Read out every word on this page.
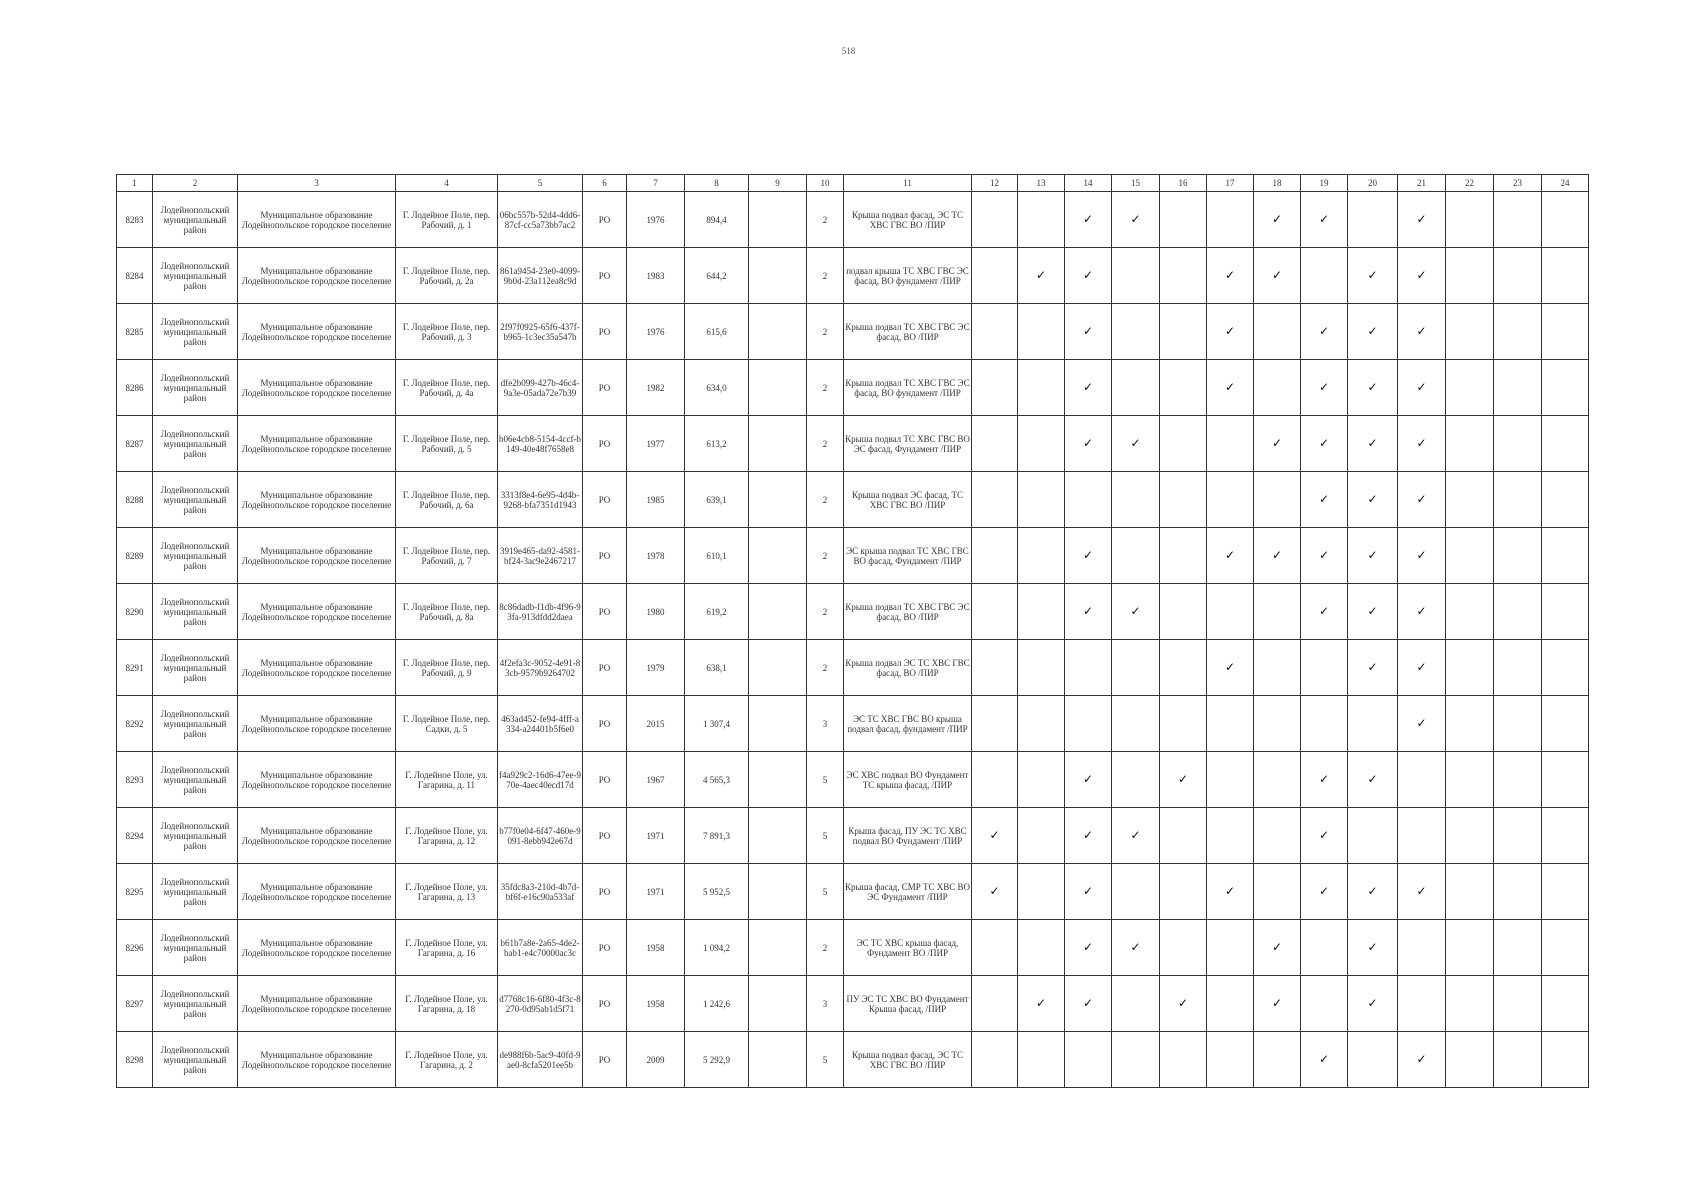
518
1	2	3	4	5	6	7	8	9	10	11	12	13	14	15	16	17	18	19	20	21	22	23	24
8283	Лодейнопольский муниципальный район	Муниципальное образование Лодейнопольское городское поселение	Г. Лодейное Поле, пер. Рабочий, д. 1	06bc557b-52d4-4dd6-87cf-cc5a73bb7ac2	РО	1976	894,4		2	Крыша подвал фасад, ЭС ТС ХВС ГВС ВО /ПИР			✓	✓			✓	✓		✓			
8284	Лодейнопольский муниципальный район	Муниципальное образование Лодейнопольское городское поселение	Г. Лодейное Поле, пер. Рабочий, д. 2а	861a9454-23e0-4099-9b0d-23a112ea8c9d	РО	1983	644,2		2	подвал крыша ТС ХВС ГВС ЭС фасад, ВО фундамент /ПИР		✓	✓			✓	✓		✓	✓			
8285	Лодейнопольский муниципальный район	Муниципальное образование Лодейнопольское городское поселение	Г. Лодейное Поле, пер. Рабочий, д. 3	2f97f0925-65f6-437f-b965-1c3ec35a547b	РО	1976	615,6		2	Крыша подвал ТС ХВС ГВС ЭС фасад, ВО /ПИР			✓			✓		✓	✓	✓			
8286	Лодейнопольский муниципальный район	Муниципальное образование Лодейнопольское городское поселение	Г. Лодейное Поле, пер. Рабочий, д. 4а	dfe2b099-427b-46c4-9a3e-05ada72e7b39	РО	1982	634,0		2	Крыша подвал ТС ХВС ГВС ЭС фасад, ВО фундамент /ПИР			✓			✓		✓	✓	✓			
8287	Лодейнопольский муниципальный район	Муниципальное образование Лодейнопольское городское поселение	Г. Лодейное Поле, пер. Рабочий, д. 5	b06e4cb8-5154-4ccf-b149-40e48f7658e8	РО	1977	613,2		2	Крыша подвал ТС ХВС ГВС ВО ЭС фасад, Фундамент /ПИР			✓	✓			✓	✓	✓	✓			
8288	Лодейнопольский муниципальный район	Муниципальное образование Лодейнопольское городское поселение	Г. Лодейное Поле, пер. Рабочий, д. 6а	3313f8e4-6e95-4d4b-9268-bfa7351d1943	РО	1985	639,1		2	Крыша подвал ЭС фасад, ТС ХВС ГВС ВО /ПИР								✓	✓	✓			
8289	Лодейнопольский муниципальный район	Муниципальное образование Лодейнопольское городское поселение	Г. Лодейное Поле, пер. Рабочий, д. 7	3919e465-da92-4581-bf24-3ac9e2467217	РО	1978	610,1		2	ЭС крыша подвал ТС ХВС ГВС ВО фасад, Фундамент /ПИР			✓			✓	✓	✓	✓	✓			
8290	Лодейнопольский муниципальный район	Муниципальное образование Лодейнопольское городское поселение	Г. Лодейное Поле, пер. Рабочий, д. 8а	8c86dadb-f1db-4f96-93fa-913dfdd2daea	РО	1980	619,2		2	Крыша подвал ТС ХВС ГВС ЭС фасад, ВО /ПИР			✓	✓				✓	✓	✓			
8291	Лодейнопольский муниципальный район	Муниципальное образование Лодейнопольское городское поселение	Г. Лодейное Поле, пер. Рабочий, д. 9	4f2efa3c-9052-4e91-83cb-9579b9264702	РО	1979	638,1		2	Крыша подвал ЭС ТС ХВС ГВС фасад, ВО /ПИР						✓			✓	✓			
8292	Лодейнопольский муниципальный район	Муниципальное образование Лодейнопольское городское поселение	Г. Лодейное Поле, пер. Садки, д. 5	463ad452-fe94-4fff-a334-a24401b5f6e0	РО	2015	1 307,4		3	ЭС ТС ХВС ГВС ВО крыша подвал фасад, фундамент /ПИР										✓			
8293	Лодейнопольский муниципальный район	Муниципальное образование Лодейнопольское городское поселение	Г. Лодейное Поле, ул. Гагарина, д. 11	f4a929c2-16d6-47ee-970e-4aec40ecd17d	РО	1967	4 565,3		5	ЭС ХВС подвал ВО Фундамент ТС крыша фасад, /ПИР			✓		✓			✓	✓				
8294	Лодейнопольский муниципальный район	Муниципальное образование Лодейнопольское городское поселение	Г. Лодейное Поле, ул. Гагарина, д. 12	b77f0e04-6f47-460e-9091-8ebb942e67d	РО	1971	7 891,3		5	Крыша фасад, ПУ ЭС ТС ХВС подвал ВО Фундамент /ПИР	✓		✓	✓				✓					
8295	Лодейнопольский муниципальный район	Муниципальное образование Лодейнопольское городское поселение	Г. Лодейное Поле, ул. Гагарина, д. 13	35fdc8a3-210d-4b7d-bf6f-e16c90a533af	РО	1971	5 952,5		5	Крыша фасад, СМР ТС ХВС ВО ЭС Фундамент /ПИР	✓		✓			✓		✓	✓	✓			
8296	Лодейнопольский муниципальный район	Муниципальное образование Лодейнопольское городское поселение	Г. Лодейное Поле, ул. Гагарина, д. 16	b61b7a8e-2a65-4de2-bab1-e4c70000ac3c	РО	1958	1 094,2		2	ЭС ТС ХВС крыша фасад, Фундамент ВО /ПИР			✓	✓			✓		✓				
8297	Лодейнопольский муниципальный район	Муниципальное образование Лодейнопольское городское поселение	Г. Лодейное Поле, ул. Гагарина, д. 18	d7768c16-6f80-4f3c-8270-0d95ab1d5f71	РО	1958	1 242,6		3	ПУ ЭС ТС ХВС ВО Фундамент Крыша фасад, /ПИР		✓	✓		✓		✓		✓				
8298	Лодейнопольский муниципальный район	Муниципальное образование Лодейнопольское городское поселение	Г. Лодейное Поле, ул. Гагарина, д. 2	de988f6b-5ac9-40fd-9ae0-8cfa5201ee5b	РО	2009	5 292,9		5	Крыша подвал фасад, ЭС ТС ХВС ГВС ВО /ПИР								✓		✓			
